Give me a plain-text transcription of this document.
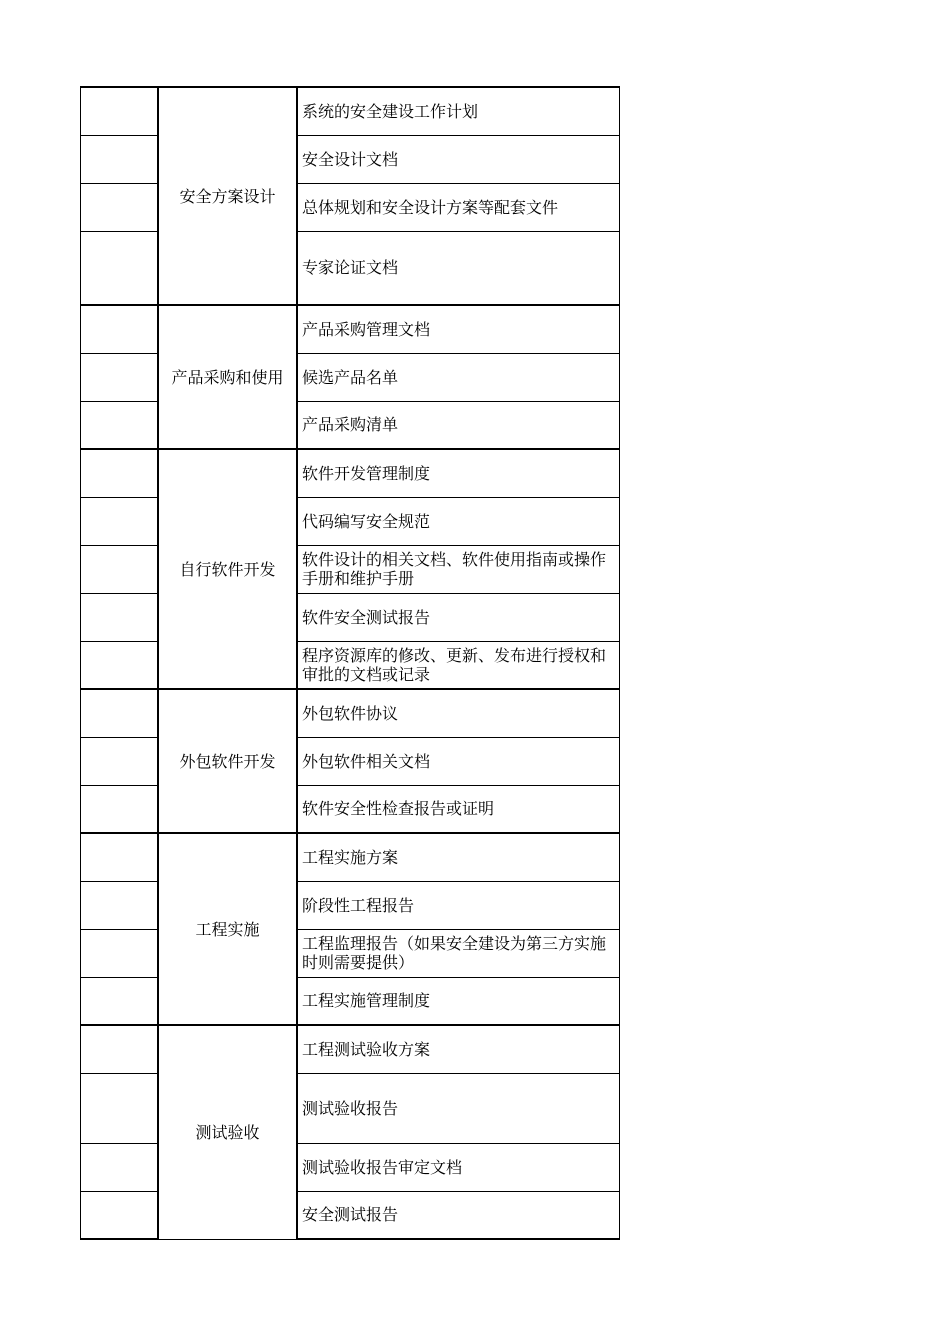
	安全方案设计	系统的安全建设工作计划
		安全设计文档
		总体规划和安全设计方案等配套文件
		专家论证文档
	产品采购和使用	产品采购管理文档
		候选产品名单
		产品采购清单
	自行软件开发	软件开发管理制度
		代码编写安全规范
		软件设计的相关文档、软件使用指南或操作手册和维护手册
		软件安全测试报告
		程序资源库的修改、更新、发布进行授权和审批的文档或记录
	外包软件开发	外包软件协议
		外包软件相关文档
		软件安全性检查报告或证明
	工程实施	工程实施方案
		阶段性工程报告
		工程监理报告（如果安全建设为第三方实施时则需要提供）
		工程实施管理制度
	测试验收	工程测试验收方案
		测试验收报告
		测试验收报告审定文档
		安全测试报告
